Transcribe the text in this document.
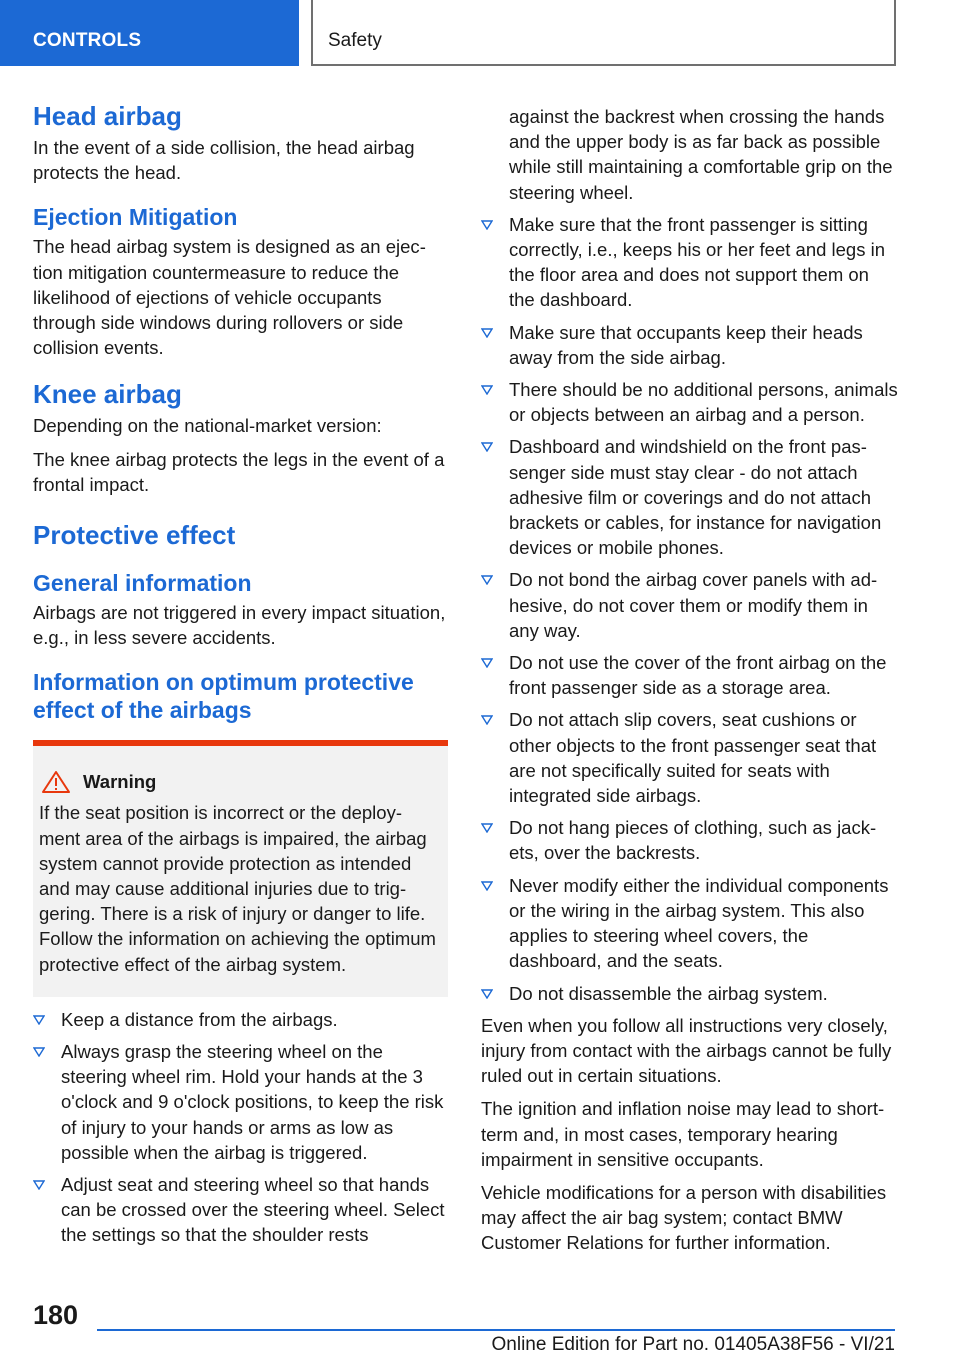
CONTROLS	Safety
Head airbag

In the event of a side collision, the head airbag protects the head.

Ejection Mitigation

The head airbag system is designed as an ejection mitigation countermeasure to reduce the likelihood of ejections of vehicle occupants through side windows during rollovers or side collision events.

Knee airbag

Depending on the national-market version:

The knee airbag protects the legs in the event of a frontal impact.

Protective effect
General information

Airbags are not triggered in every impact situation, e.g., in less severe accidents.

Information on optimum protective effect of the airbags
Warning

If the seat position is incorrect or the deployment area of the airbags is impaired, the airbag system cannot provide protection as intended and may cause additional injuries due to triggering. There is a risk of injury or danger to life. Follow the information on achieving the optimum protective effect of the airbag system.

Keep a distance from the airbags.
Always grasp the steering wheel on the steering wheel rim. Hold your hands at the 3 o'clock and 9 o'clock positions, to keep the risk of injury to your hands or arms as low as possible when the airbag is triggered.
Adjust seat and steering wheel so that hands can be crossed over the steering wheel. Select the settings so that the shoulder rests

against the backrest when crossing the hands and the upper body is as far back as possible while still maintaining a comfortable grip on the steering wheel.

Make sure that the front passenger is sitting correctly, i.e., keeps his or her feet and legs in the floor area and does not support them on the dashboard.
Make sure that occupants keep their heads away from the side airbag.
There should be no additional persons, animals or objects between an airbag and a person.
Dashboard and windshield on the front passenger side must stay clear - do not attach adhesive film or coverings and do not attach brackets or cables, for instance for navigation devices or mobile phones.
Do not bond the airbag cover panels with adhesive, do not cover them or modify them in any way.
Do not use the cover of the front airbag on the front passenger side as a storage area.
Do not attach slip covers, seat cushions or other objects to the front passenger seat that are not specifically suited for seats with integrated side airbags.
Do not hang pieces of clothing, such as jackets, over the backrests.
Never modify either the individual components or the wiring in the airbag system. This also applies to steering wheel covers, the dashboard, and the seats.
Do not disassemble the airbag system.

Even when you follow all instructions very closely, injury from contact with the airbags cannot be fully ruled out in certain situations.

The ignition and inflation noise may lead to short-term and, in most cases, temporary hearing impairment in sensitive occupants.

Vehicle modifications for a person with disabilities may affect the air bag system; contact BMW Customer Relations for further information.

180
Online Edition for Part no. 01405A38F56 - VI/21
